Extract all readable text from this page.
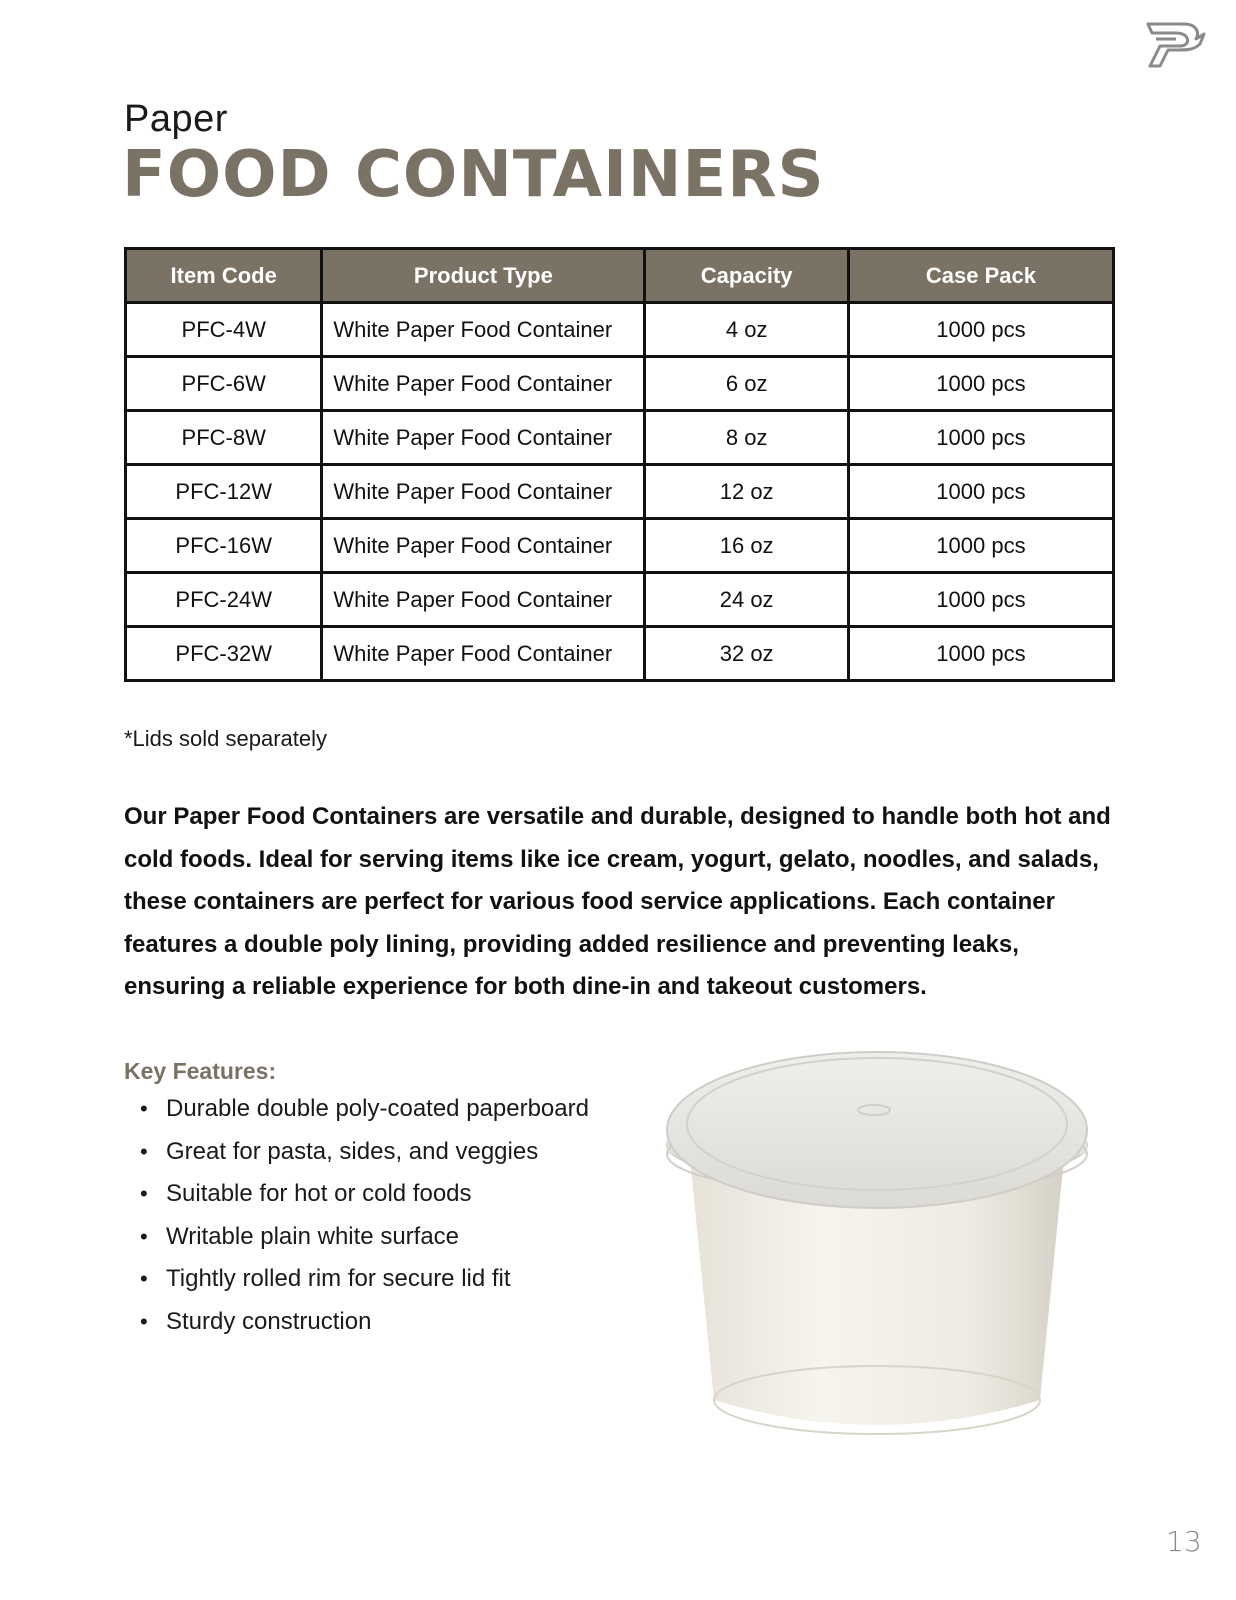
Paper
FOOD CONTAINERS
Item Code	Product Type	Capacity	Case Pack
PFC-4W	White Paper Food Container	4 oz	1000 pcs
PFC-6W	White Paper Food Container	6 oz	1000 pcs
PFC-8W	White Paper Food Container	8 oz	1000 pcs
PFC-12W	White Paper Food Container	12 oz	1000 pcs
PFC-16W	White Paper Food Container	16 oz	1000 pcs
PFC-24W	White Paper Food Container	24 oz	1000 pcs
PFC-32W	White Paper Food Container	32 oz	1000 pcs
*Lids sold separately
Our Paper Food Containers are versatile and durable, designed to handle both hot and cold foods. Ideal for serving items like ice cream, yogurt, gelato, noodles, and salads, these containers are perfect for various food service applications. Each container features a double poly lining, providing added resilience and preventing leaks, ensuring a reliable experience for both dine-in and takeout customers.
Key Features:
• Durable double poly-coated paperboard
• Great for pasta, sides, and veggies
• Suitable for hot or cold foods
• Writable plain white surface
• Tightly rolled rim for secure lid fit
• Sturdy construction
13
